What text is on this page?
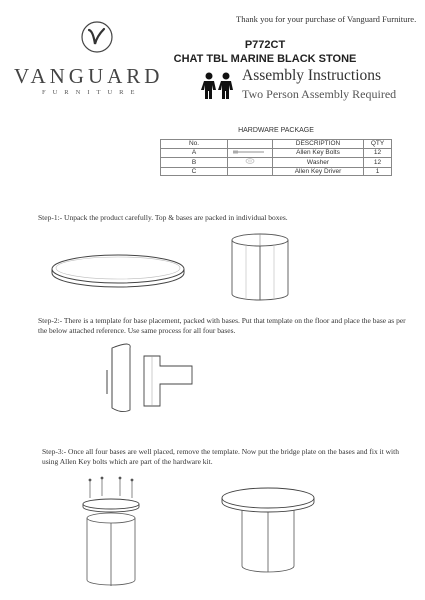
Thank you for your purchase of Vanguard Furniture.
P772CT
CHAT TBL MARINE BLACK STONE
VANGUARD
FURNITURE
Assembly Instructions
Two Person Assembly Required
HARDWARE PACKAGE
No.		DESCRIPTION	QTY
A		Allen Key Bolts	12
B		Washer	12
C		Allen Key Driver	1
Step-1:- Unpack the product carefully. Top & bases are packed in individual boxes.
Step-2:- There is a template for base placement, packed with bases. Put that template on the floor and place the base as per the below attached reference. Use same process for all four bases.
Step-3:- Once all four bases are well placed, remove the template. Now put the bridge plate on the bases and fix it with using Allen Key bolts which are part of the hardware kit.
